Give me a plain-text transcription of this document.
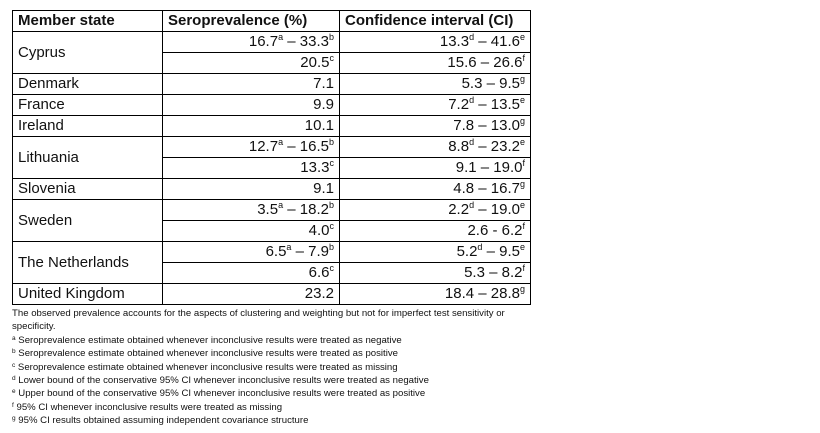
Member state	Seroprevalence (%)	Confidence interval (CI)
Cyprus	16.7$^a$ – 33.3$^b$	13.3$^d$ – 41.6e
	20.5$^c$	15.6 – 26.6$^f$
Denmark	7.1	5.3 – 9.5$^g$
France	9.9	7.2$^d$ – 13.5e
Ireland	10.1	7.8 – 13.0$^g$
Lithuania	12.7$^a$ – 16.5$^b$	8.8$^d$ – 23.2e
	13.3$^c$	9.1 – 19.0$^f$
Slovenia	9.1	4.8 – 16.7$^g$
Sweden	3.5$^a$ – 18.2$^b$	2.2$^d$ – 19.0e
	4.0$^c$	2.6 - 6.2$^f$
The Netherlands	6.5$^a$ – 7.9$^b$	5.2$^d$ – 9.5e
	6.6$^c$	5.3 – 8.2$^f$
United Kingdom	23.2	18.4 – 28.8$^g$

The observed prevalence accounts for the aspects of clustering and weighting but not for imperfect test sensitivity or specificity.

$^a$ Seroprevalence estimate obtained whenever inconclusive results were treated as negative

$^b$ Seroprevalence estimate obtained whenever inconclusive results were treated as positive

$^c$ Seroprevalence estimate obtained whenever inconclusive results were treated as missing

$^d$ Lower bound of the conservative 95% CI whenever inconclusive results were treated as negative

$^e$ Upper bound of the conservative 95% CI whenever inconclusive results were treated as positive

$^f$ 95% CI whenever inconclusive results were treated as missing

$^g$ 95% CI results obtained assuming independent covariance structure
